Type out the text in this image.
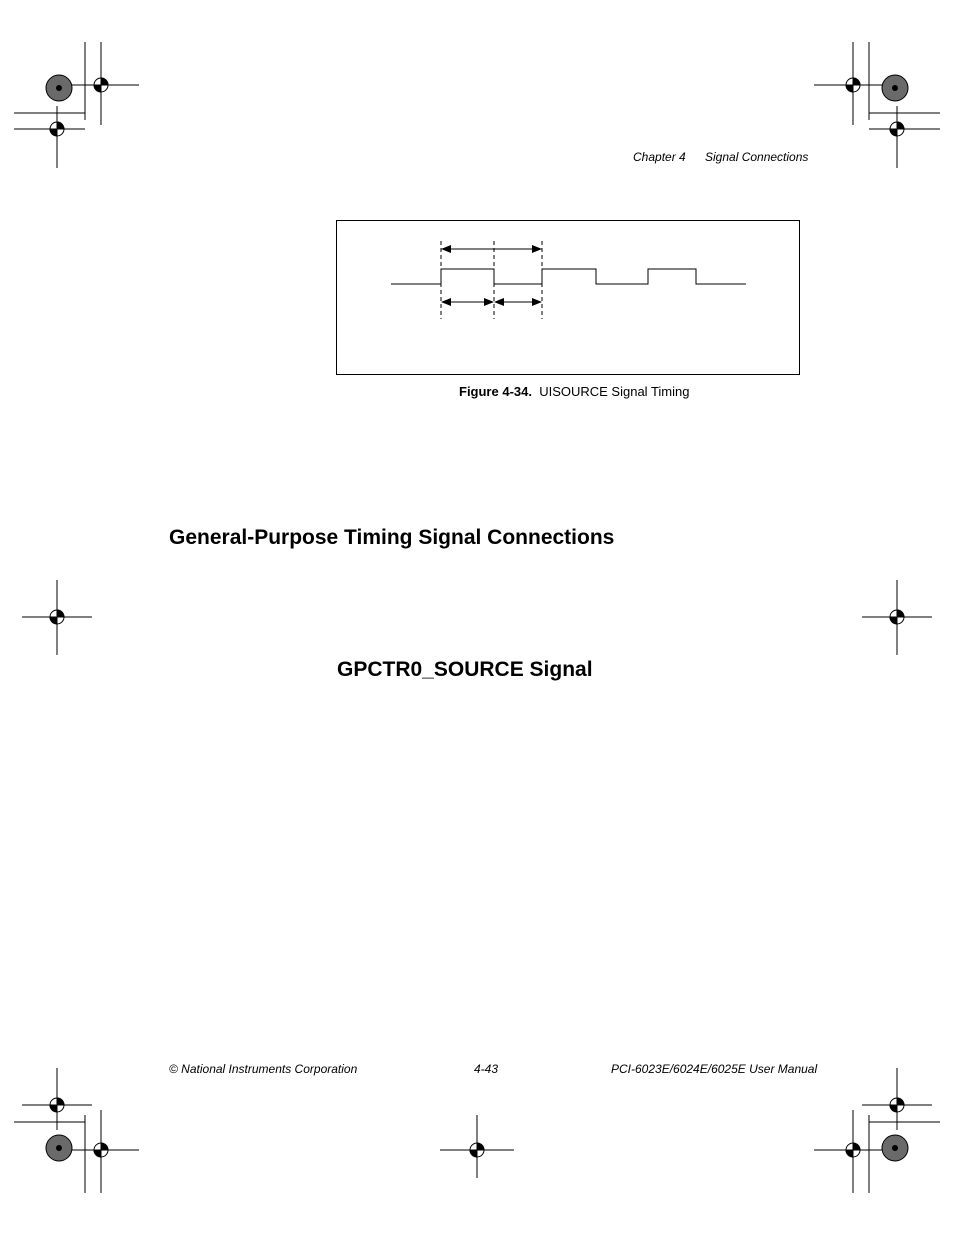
Chapter 4 Signal Connections
Figure 4-34. UISOURCE Signal Timing
General-Purpose Timing Signal Connections
GPCTR0_SOURCE Signal
© National Instruments Corporation	4-43	PCI-6023E/6024E/6025E User Manual
